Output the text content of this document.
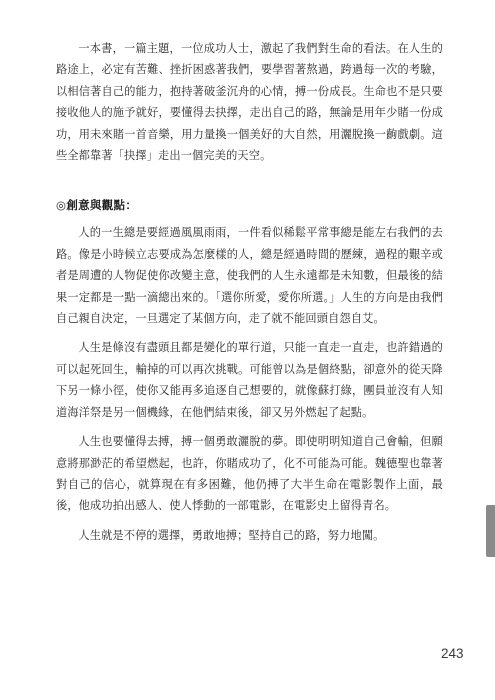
一本書，一篇主題，一位成功人士，激起了我們對生命的看法。在人生的路途上，必定有苦難、挫折困惑著我們，要學習著熬過，跨過每一次的考驗，以相信著自己的能力，抱持著破釜沉舟的心情，搏一份成長。生命也不是只要接收他人的施予就好，要懂得去抉擇，走出自己的路，無論是用年少賭一份成功，用未來賭一首音樂，用力量換一個美好的大自然，用灑脫換一齣戲劇。這些全都靠著「抉擇」走出一個完美的天空。

◎創意與觀點：

人的一生總是要經過風風雨雨，一件看似稀鬆平常事總是能左右我們的去路。像是小時候立志要成為怎麼樣的人，總是經過時間的歷練，過程的艱辛或者是周遭的人物促使你改變主意，使我們的人生永遠都是未知數，但最後的結果一定都是一點一滴總出來的。「選你所愛，愛你所選。」人生的方向是由我們自己親自決定，一旦選定了某個方向，走了就不能回頭自怨自艾。

人生是條沒有盡頭且都是變化的單行道，只能一直走一直走，也許錯過的可以起死回生，輸掉的可以再次挑戰。可能曾以為是個終點，卻意外的從天降下另一條小徑，使你又能再多追逐自己想要的，就像蘇打綠，團員並沒有人知道海洋祭是另一個機緣，在他們結束後，卻又另外燃起了起點。

人生也要懂得去搏，搏一個勇敢灑脫的夢。即使明明知道自己會輸，但願意將那渺茫的希望燃起，也許，你賭成功了，化不可能為可能。魏德聖也靠著對自己的信心，就算現在有多困難，他仍搏了大半生命在電影製作上面，最後，他成功拍出感人、使人悸動的一部電影，在電影史上留得青名。

人生就是不停的選擇，勇敢地搏；堅持自己的路，努力地闖。

243
